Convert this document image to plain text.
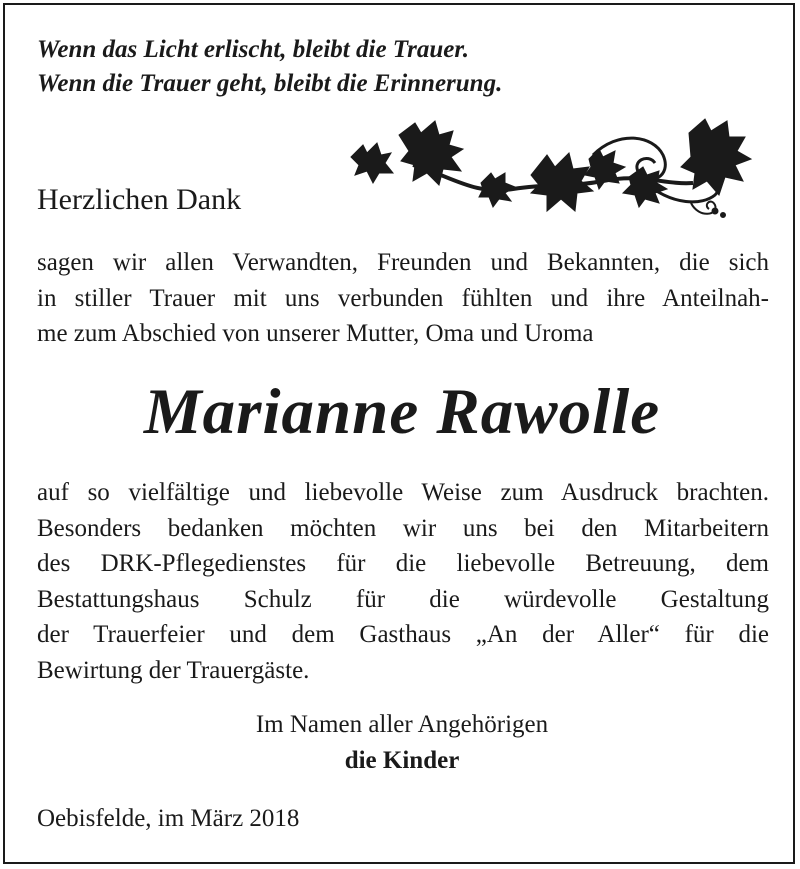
Wenn das Licht erlischt, bleibt die Trauer.
Wenn die Trauer geht, bleibt die Erinnerung.
Herzlichen Dank
sagen wir allen Verwandten, Freunden und Bekannten, die sich
in stiller Trauer mit uns verbunden fühlten und ihre Anteilnah-
me zum Abschied von unserer Mutter, Oma und Uroma
Marianne Rawolle
auf so vielfältige und liebevolle Weise zum Ausdruck brachten.
Besonders bedanken möchten wir uns bei den Mitarbeitern
des DRK-Pflegedienstes für die liebevolle Betreuung, dem
Bestattungshaus Schulz für die würdevolle Gestaltung
der Trauerfeier und dem Gasthaus „An der Aller“ für die
Bewirtung der Trauergäste.
Im Namen aller Angehörigen
die Kinder
Oebisfelde, im März 2018
